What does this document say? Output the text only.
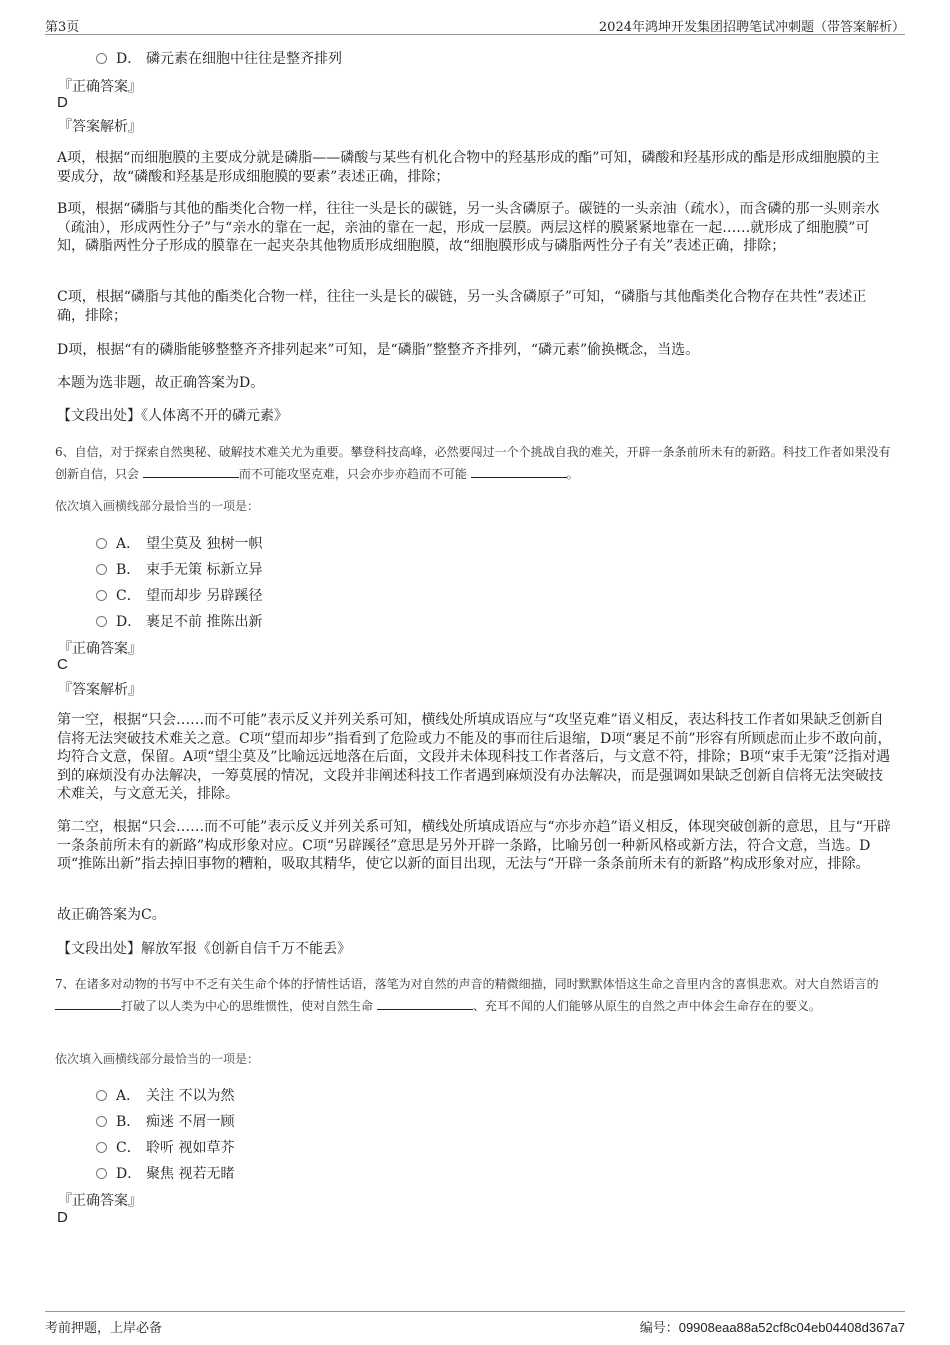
第3页	2024年鸿坤开发集团招聘笔试冲刺题（带答案解析）
D． 磷元素在细胞中往往是整齐排列
『正确答案』
D
『答案解析』
A项，根据“而细胞膜的主要成分就是磷脂——磷酸与某些有机化合物中的羟基形成的酯”可知，磷酸和羟基形成的酯是形成细胞膜的主要成分，故“磷酸和羟基是形成细胞膜的要素”表述正确，排除；
B项，根据“磷脂与其他的酯类化合物一样，往往一头是长的碳链，另一头含磷原子。碳链的一头亲油（疏水），而含磷的那一头则亲水（疏油），形成两性分子”与“亲水的靠在一起，亲油的靠在一起，形成一层膜。两层这样的膜紧紧地靠在一起……就形成了细胞膜”可知，磷脂两性分子形成的膜靠在一起夹杂其他物质形成细胞膜，故“细胞膜形成与磷脂两性分子有关”表述正确，排除；
C项，根据“磷脂与其他的酯类化合物一样，往往一头是长的碳链，另一头含磷原子”可知，“磷脂与其他酯类化合物存在共性”表述正确，排除；
D项，根据“有的磷脂能够整整齐齐排列起来”可知，是“磷脂”整整齐齐排列，“磷元素”偷换概念，当选。
本题为选非题，故正确答案为D。
【文段出处】《人体离不开的磷元素》
6、自信，对于探索自然奥秘、破解技术难关尤为重要。攀登科技高峰，必然要闯过一个个挑战自我的难关，开辟一条条前所未有的新路。科技工作者如果没有创新自信，只会	而不可能攻坚克难，只会亦步亦趋而不可能	。
依次填入画横线部分最恰当的一项是：
A． 望尘莫及 独树一帜
B． 束手无策 标新立异
C． 望而却步 另辟蹊径
D． 裹足不前 推陈出新
『正确答案』
C
『答案解析』
第一空，根据“只会……而不可能”表示反义并列关系可知，横线处所填成语应与“攻坚克难”语义相反，表达科技工作者如果缺乏创新自信将无法突破技术难关之意。C项“望而却步”指看到了危险或力不能及的事而往后退缩，D项“裹足不前”形容有所顾虑而止步不敢向前，均符合文意，保留。A项“望尘莫及”比喻远远地落在后面，文段并未体现科技工作者落后，与文意不符，排除；B项“束手无策”泛指对遇到的麻烦没有办法解决，一筹莫展的情况，文段并非阐述科技工作者遇到麻烦没有办法解决，而是强调如果缺乏创新自信将无法突破技术难关，与文意无关，排除。
第二空，根据“只会……而不可能”表示反义并列关系可知，横线处所填成语应与“亦步亦趋”语义相反，体现突破创新的意思，且与“开辟一条条前所未有的新路”构成形象对应。C项“另辟蹊径”意思是另外开辟一条路，比喻另创一种新风格或新方法，符合文意，当选。D项“推陈出新”指去掉旧事物的糟粕，吸取其精华，使它以新的面目出现，无法与“开辟一条条前所未有的新路”构成形象对应，排除。
故正确答案为C。
【文段出处】解放军报《创新自信千万不能丢》
7、在诸多对动物的书写中不乏有关生命个体的抒情性话语，落笔为对自然的声音的精微细描，同时默默体悟这生命之音里内含的喜惧悲欢。对大自然语言的 打破了以人类为中心的思维惯性，使对自然生命	、充耳不闻的人们能够从原生的自然之声中体会生命存在的要义。
依次填入画横线部分最恰当的一项是：
A． 关注 不以为然
B． 痴迷 不屑一顾
C． 聆听 视如草芥
D． 聚焦 视若无睹
『正确答案』
D
考前押题，上岸必备	编号：09908eaa88a52cf8c04eb04408d367a7
